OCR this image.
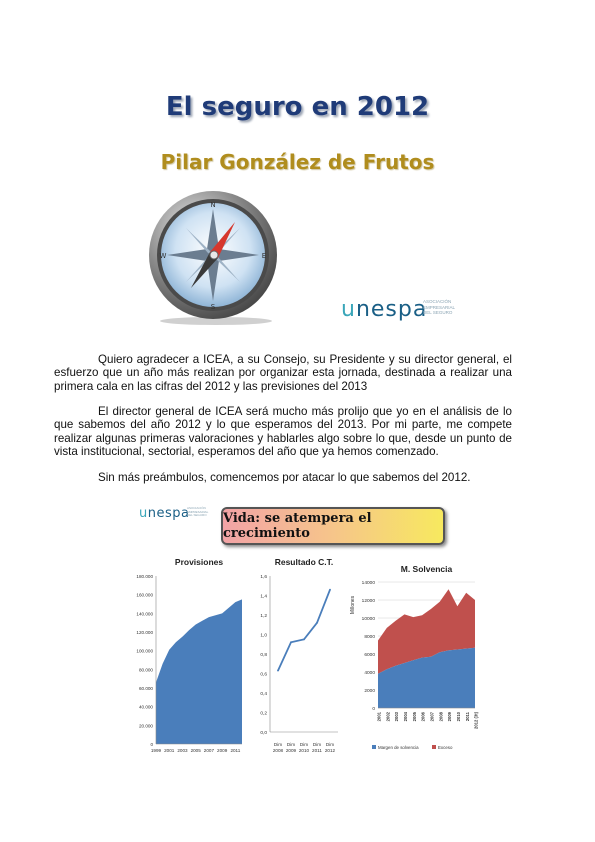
El seguro en 2012
Pilar González de Frutos
N
S
W	E
unespa
ASOCIACIÓN
EMPRESARIAL
DEL SEGURO

Quiero agradecer a ICEA, a su Consejo, su Presidente y su director general, el esfuerzo que un año más realizan por organizar esta jornada, destinada a realizar una primera cala en las cifras del 2012 y las previsiones del 2013

El director general de ICEA será mucho más prolijo que yo en el análisis de lo que sabemos del año 2012 y lo que esperamos del 2013. Por mi parte, me compete realizar algunas primeras valoraciones y hablarles algo sobre lo que, desde un punto de vista institucional, sectorial, esperamos del año que ya hemos comenzado.

Sin más preámbulos, comencemos por atacar lo que sabemos del 2012.

unespa
ASOCIACIÓN
EMPRESARIAL
DEL SEGURO Vida: se atempera el crecimiento
Provisiones
0
20.000
40.000
60.000
80.000
100.000
120.000
140.000
160.000
180.000
1999 2001 2003 2005 2007 2009 2011
Resultado C.T.
0,0
0,2
0,4
0,6
0,8
1,0
1,2
1,4
1,6
Dim
2008
Dim
2009
Dim
2010
Dim
2011
Dim
2012
M. Solvencia
0
2000
4000
6000
8000
10000
12000
14000
Millones
2001 2002 2003 2004 2005 2006 2007 2008 2009 2010 2011 2012 (3t)
Margen de solvencia	Exceso
